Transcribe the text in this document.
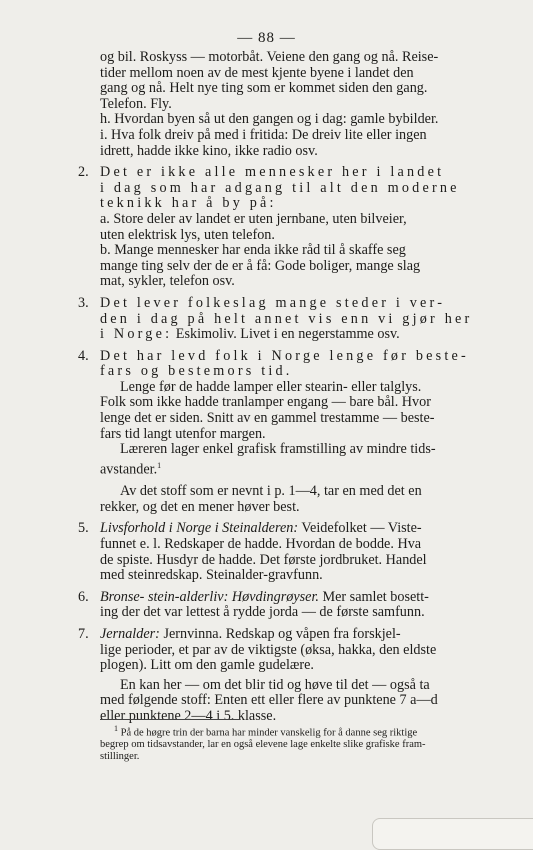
— 88 —

og bil. Roskyss — motorbåt. Veiene den gang og nå. Reise-
tider mellom noen av de mest kjente byene i landet den
gang og nå. Helt nye ting som er kommet siden den gang.
Telefon. Fly.
h. Hvordan byen så ut den gangen og i dag: gamle bybilder.
i. Hva folk dreiv på med i fritida: De dreiv lite eller ingen
idrett, hadde ikke kino, ikke radio osv.

2. Det er ikke alle mennesker her i landet
i dag som har adgang til alt den moderne
teknikk har å by på:

a. Store deler av landet er uten jernbane, uten bilveier,
uten elektrisk lys, uten telefon.
b. Mange mennesker har enda ikke råd til å skaffe seg
mange ting selv der de er å få: Gode boliger, mange slag
mat, sykler, telefon osv.

3. Det lever folkeslag mange steder i ver-
den i dag på helt annet vis enn vi gjør her
i Norge: Eskimoliv. Livet i en negerstamme osv.

4. Det har levd folk i Norge lenge før beste-
fars og bestemors tid.

Lenge før de hadde lamper eller stearin- eller talglys.
Folk som ikke hadde tranlamper engang — bare bål. Hvor
lenge det er siden. Snitt av en gammel trestamme — beste-
fars tid langt utenfor margen.
Læreren lager enkel grafisk framstilling av mindre tids-
avstander.$^1$

Av det stoff som er nevnt i p. 1—4, tar en med det en
rekker, og det en mener høver best.

5. Livsforhold i Norge i Steinalderen: Veidefolket — Viste-
funnet e. l. Redskaper de hadde. Hvordan de bodde. Hva
de spiste. Husdyr de hadde. Det første jordbruket. Handel
med steinredskap. Steinalder-gravfunn.

6. Bronse- stein-alderliv: Høvdingrøyser. Mer samlet bosett-
ing der det var lettest å rydde jorda — de første samfunn.

7. Jernalder: Jernvinna. Redskap og våpen fra forskjel-
lige perioder, et par av de viktigste (øksa, hakka, den eldste
plogen). Litt om den gamle gudelære.

En kan her — om det blir tid og høve til det — også ta
med følgende stoff: Enten ett eller flere av punktene 7 a—d
eller punktene 2—4 i 5. klasse.

$^1$ På de høgre trin der barna har minder vanskelig for å danne seg riktige
begrep om tidsavstander, lar en også elevene lage enkelte slike grafiske fram-
stillinger.
